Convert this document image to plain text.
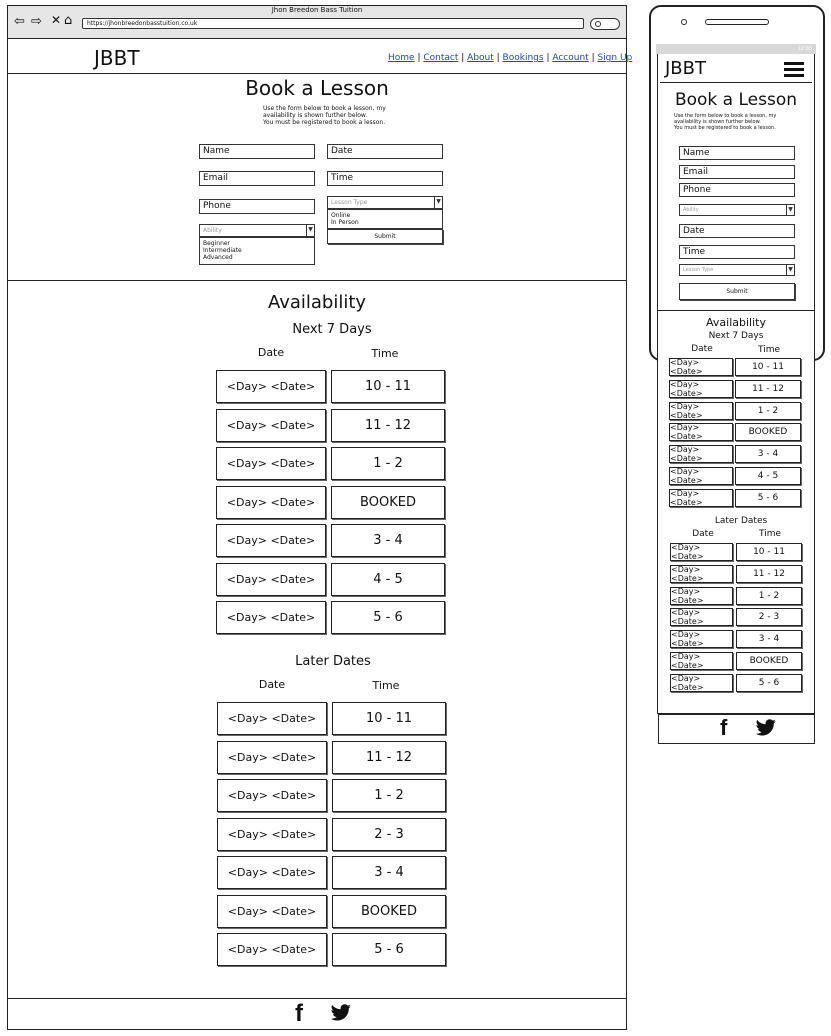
Jhon Breedon Bass Tuition
⇦ ⇨ ✕ ⌂	https://jhonbreedonbasstuition.co.uk
JBBT	Home | Contact | About | Bookings | Account | Sign Up
Book a Lesson
Use the form below to book a lesson, my
availability is shown further below.
You must be registered to book a lesson.
Name	Date
Email	Time
Phone	Lesson Type	▼
Online
In Person
Submit
Ability	▼
Beginner
Intermediate
Advanced
Availability
Next 7 Days
Date	Time
<Day> <Date>	10 - 11
<Day> <Date>	11 - 12
<Day> <Date>	1 - 2
<Day> <Date>	BOOKED
<Day> <Date>	3 - 4
<Day> <Date>	4 - 5
<Day> <Date>	5 - 6
Later Dates
Date	Time
<Day> <Date>	10 - 11
<Day> <Date>	11 - 12
<Day> <Date>	1 - 2
<Day> <Date>	2 - 3
<Day> <Date>	3 - 4
<Day> <Date>	BOOKED
<Day> <Date>	5 - 6
f
12:00
JBBT
Book a Lesson
Use the form below to book a lesson, my
availability is shown further below.
You must be registered to book a lesson.
Name
Email
Phone
Ability	▼
Date
Time
Lesson Type	▼
Submit
Availability
Next 7 Days
Date	Time
<Day> <Date>	10 - 11
<Day> <Date>	11 - 12
<Day> <Date>	1 - 2
<Day> <Date>	BOOKED
<Day> <Date>	3 - 4
<Day> <Date>	4 - 5
<Day> <Date>	5 - 6
Later Dates
Date	Time
<Day> <Date>	10 - 11
<Day> <Date>	11 - 12
<Day> <Date>	1 - 2
<Day> <Date>	2 - 3
<Day> <Date>	3 - 4
<Day> <Date>	BOOKED
<Day> <Date>	5 - 6
f
